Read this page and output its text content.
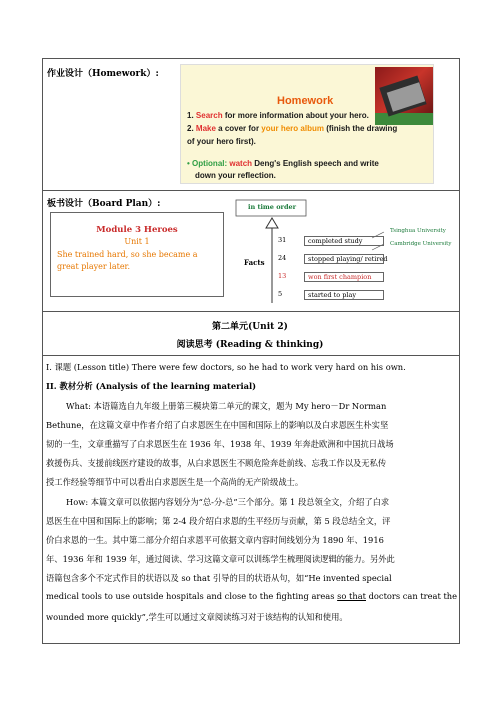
作业设计（Homework）:
Homework
1. Search for more information about your hero.
2. Make a cover for your hero album (finish the drawing
of your hero first).
• Optional: watch Deng's English speech and write
down your reflection.
板书设计（Board Plan）:
Module 3 Heroes
Unit 1
She trained hard, so she became a great player later.
in time order
Facts
31	completed study
24	stopped playing/ retired
13	won first champion
5	started to play
Tsinghua University
Cambridge University
第二单元(Unit 2)
阅读思考 (Reading & thinking)
I. 课题 (Lesson title) There were few doctors, so he had to work very hard on his own.
II. 教材分析 (Analysis of the learning material)
What: 本语篇选自九年级上册第三模块第二单元的课文，题为 My hero－Dr Norman
Bethune，在这篇文章中作者介绍了白求恩医生在中国和国际上的影响以及白求恩医生朴实坚
韧的一生，文章重描写了白求恩医生在 1936 年、1938 年、1939 年奔赴欧洲和中国抗日战场
救援伤兵、支援前线医疗建设的故事，从白求恩医生不顾危险奔赴前线、忘我工作以及无私传
授工作经验等细节中可以看出白求恩医生是一个高尚的无产阶级战士。
How: 本篇文章可以依据内容划分为“总-分-总”三个部分。第 1 段总领全文，介绍了白求
恩医生在中国和国际上的影响；第 2-4 段介绍白求恩的生平经历与贡献，第 5 段总结全文，评
价白求恩的一生。其中第二部分介绍白求恩平可依据文章内容时间线划分为 1890 年、1916
年、1936 年和 1939 年，通过阅读、学习这篇文章可以训练学生梳理阅读逻辑的能力。另外此
语篇包含多个不定式作目的状语以及 so that 引导的目的状语从句，如“He invented special
medical tools to use outside hospitals and close to the fighting areas so that doctors can treat the
wounded more quickly”,学生可以通过文章阅读练习对于该结构的认知和使用。
